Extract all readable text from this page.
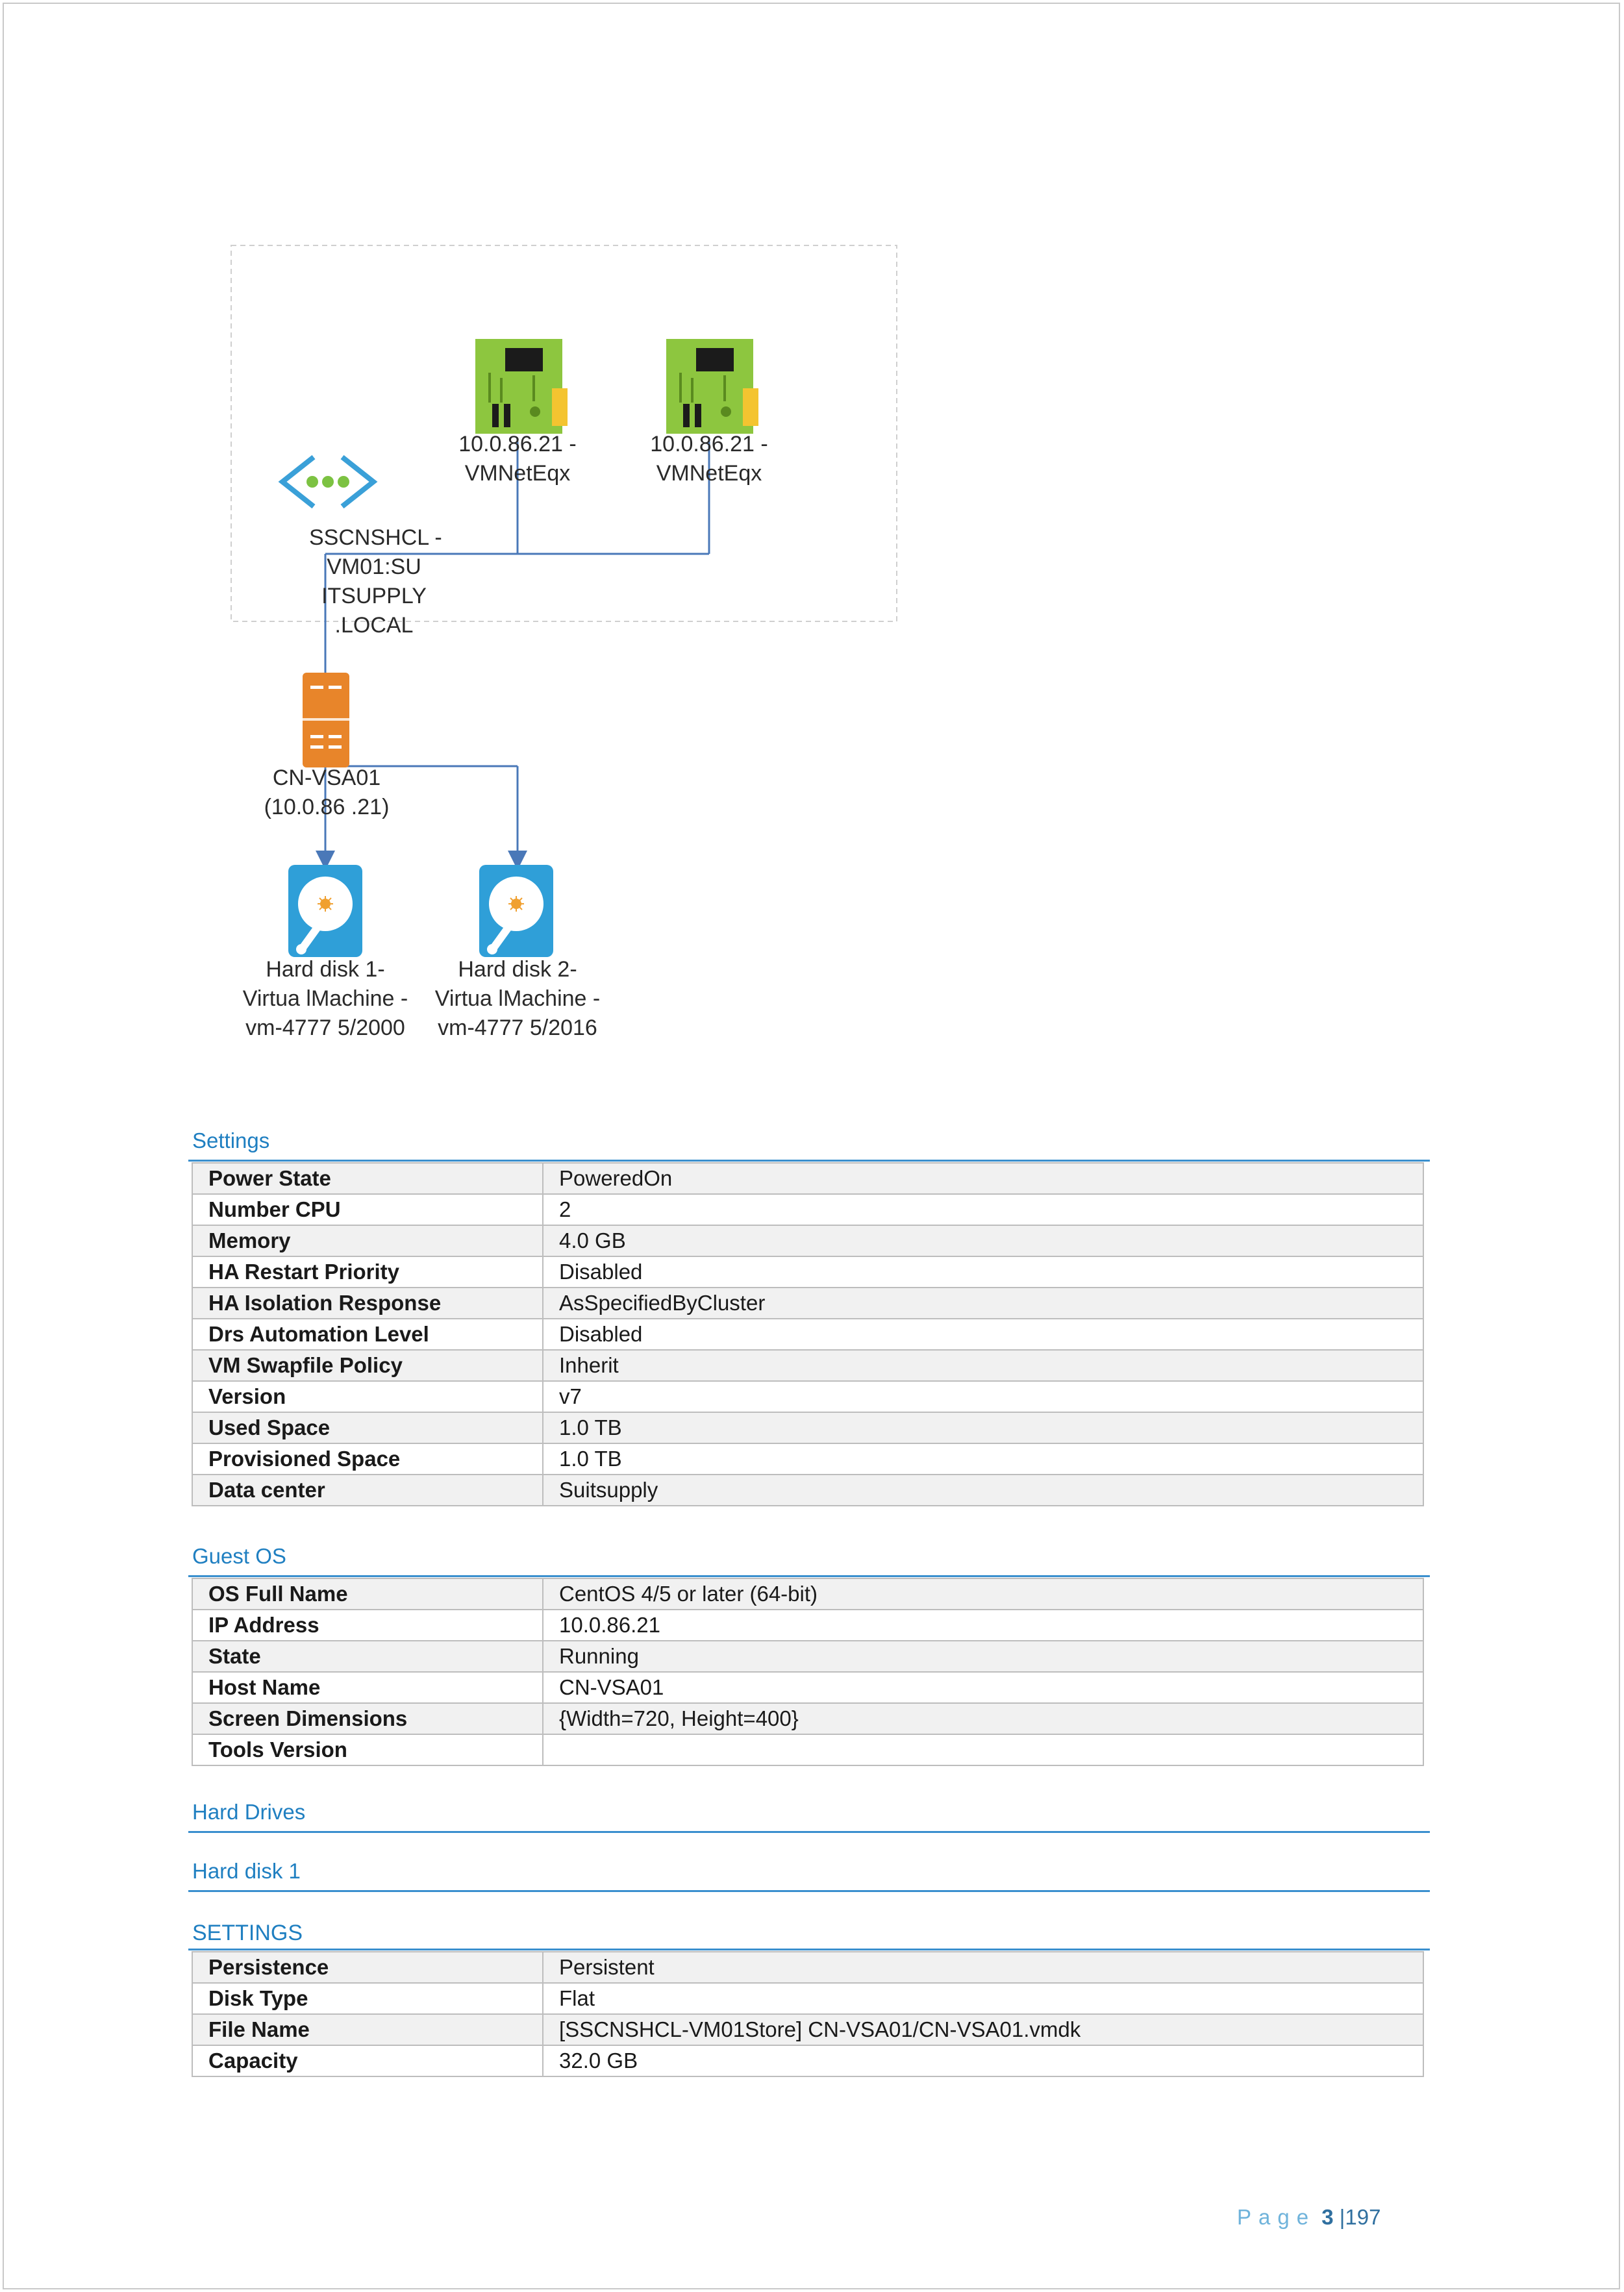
SSCNSHCL -
VM01:SU
ITSUPPLY
.LOCAL
10.0.86.21 -
VMNetEqx
10.0.86.21 -
VMNetEqx
CN-VSA01
(10.0.86 .21)
Hard disk 1-
Virtua lMachine -
vm-4777 5/2000
Hard disk 2-
Virtua lMachine -
vm-4777 5/2016
Settings
Power State	PoweredOn
Number CPU	2
Memory	4.0 GB
HA Restart Priority	Disabled
HA Isolation Response	AsSpecifiedByCluster
Drs Automation Level	Disabled
VM Swapfile Policy	Inherit
Version	v7
Used Space	1.0 TB
Provisioned Space	1.0 TB
Data center	Suitsupply
Guest OS
OS Full Name	CentOS 4/5 or later (64-bit)
IP Address	10.0.86.21
State	Running
Host Name	CN-VSA01
Screen Dimensions	{Width=720, Height=400}
Tools Version	
Hard Drives
Hard disk 1
SETTINGS
Persistence	Persistent
Disk Type	Flat
File Name	[SSCNSHCL-VM01Store] CN-VSA01/CN-VSA01.vmdk
Capacity	32.0 GB
Page 3 |197
